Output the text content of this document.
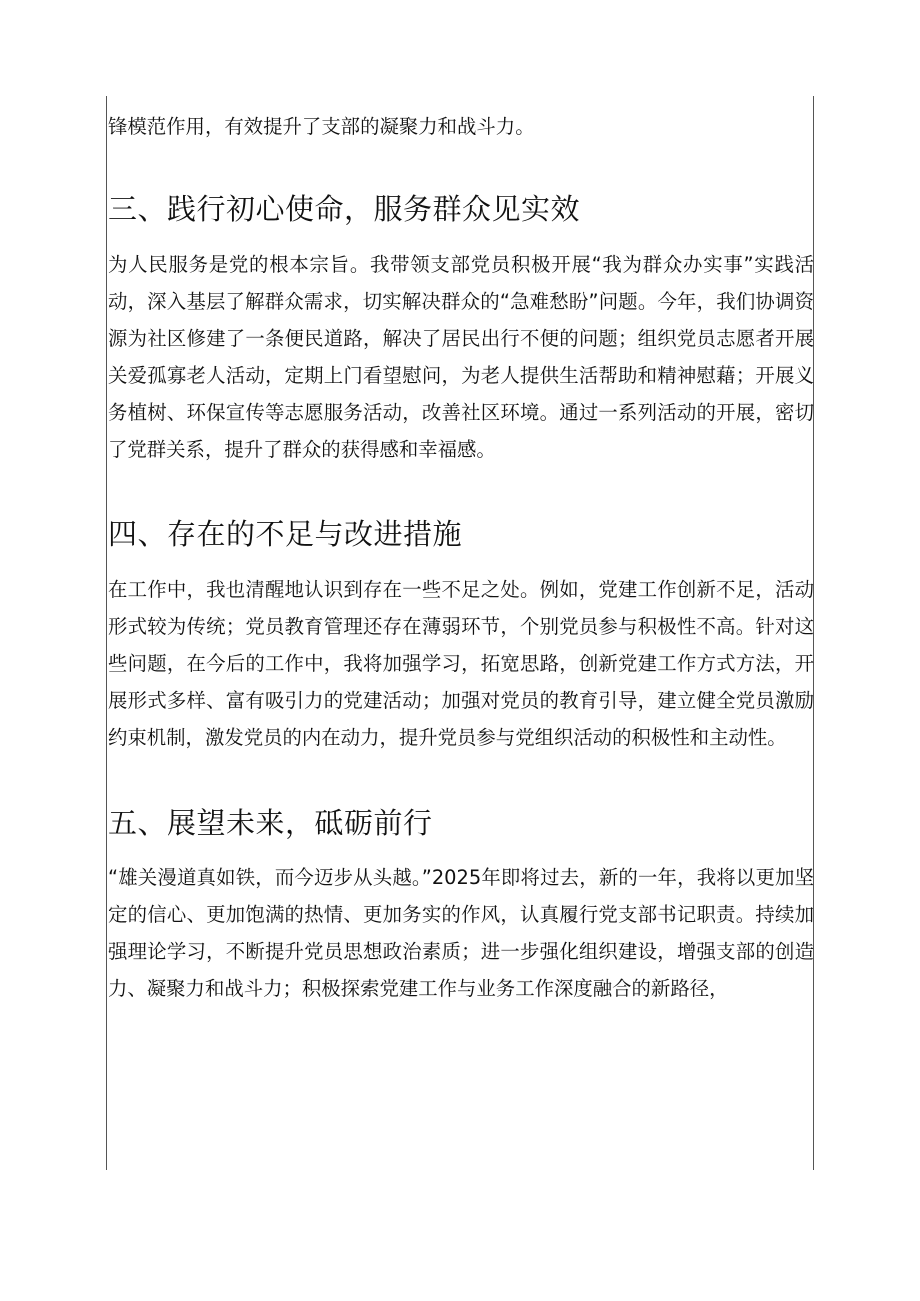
锋模范作用，有效提升了支部的凝聚力和战斗力。

三、践行初心使命，服务群众见实效

为人民服务是党的根本宗旨。我带领支部党员积极开展“我为群众办实事”实践活动，深入基层了解群众需求，切实解决群众的“急难愁盼”问题。今年，我们协调资源为社区修建了一条便民道路，解决了居民出行不便的问题；组织党员志愿者开展关爱孤寡老人活动，定期上门看望慰问，为老人提供生活帮助和精神慰藉；开展义务植树、环保宣传等志愿服务活动，改善社区环境。通过一系列活动的开展，密切了党群关系，提升了群众的获得感和幸福感。

四、存在的不足与改进措施

在工作中，我也清醒地认识到存在一些不足之处。例如，党建工作创新不足，活动形式较为传统；党员教育管理还存在薄弱环节，个别党员参与积极性不高。针对这些问题，在今后的工作中，我将加强学习，拓宽思路，创新党建工作方式方法，开展形式多样、富有吸引力的党建活动；加强对党员的教育引导，建立健全党员激励约束机制，激发党员的内在动力，提升党员参与党组织活动的积极性和主动性。

五、展望未来，砥砺前行

“雄关漫道真如铁，而今迈步从头越。”2025年即将过去，新的一年，我将以更加坚定的信心、更加饱满的热情、更加务实的作风，认真履行党支部书记职责。持续加强理论学习，不断提升党员思想政治素质；进一步强化组织建设，增强支部的创造力、凝聚力和战斗力；积极探索党建工作与业务工作深度融合的新路径，
